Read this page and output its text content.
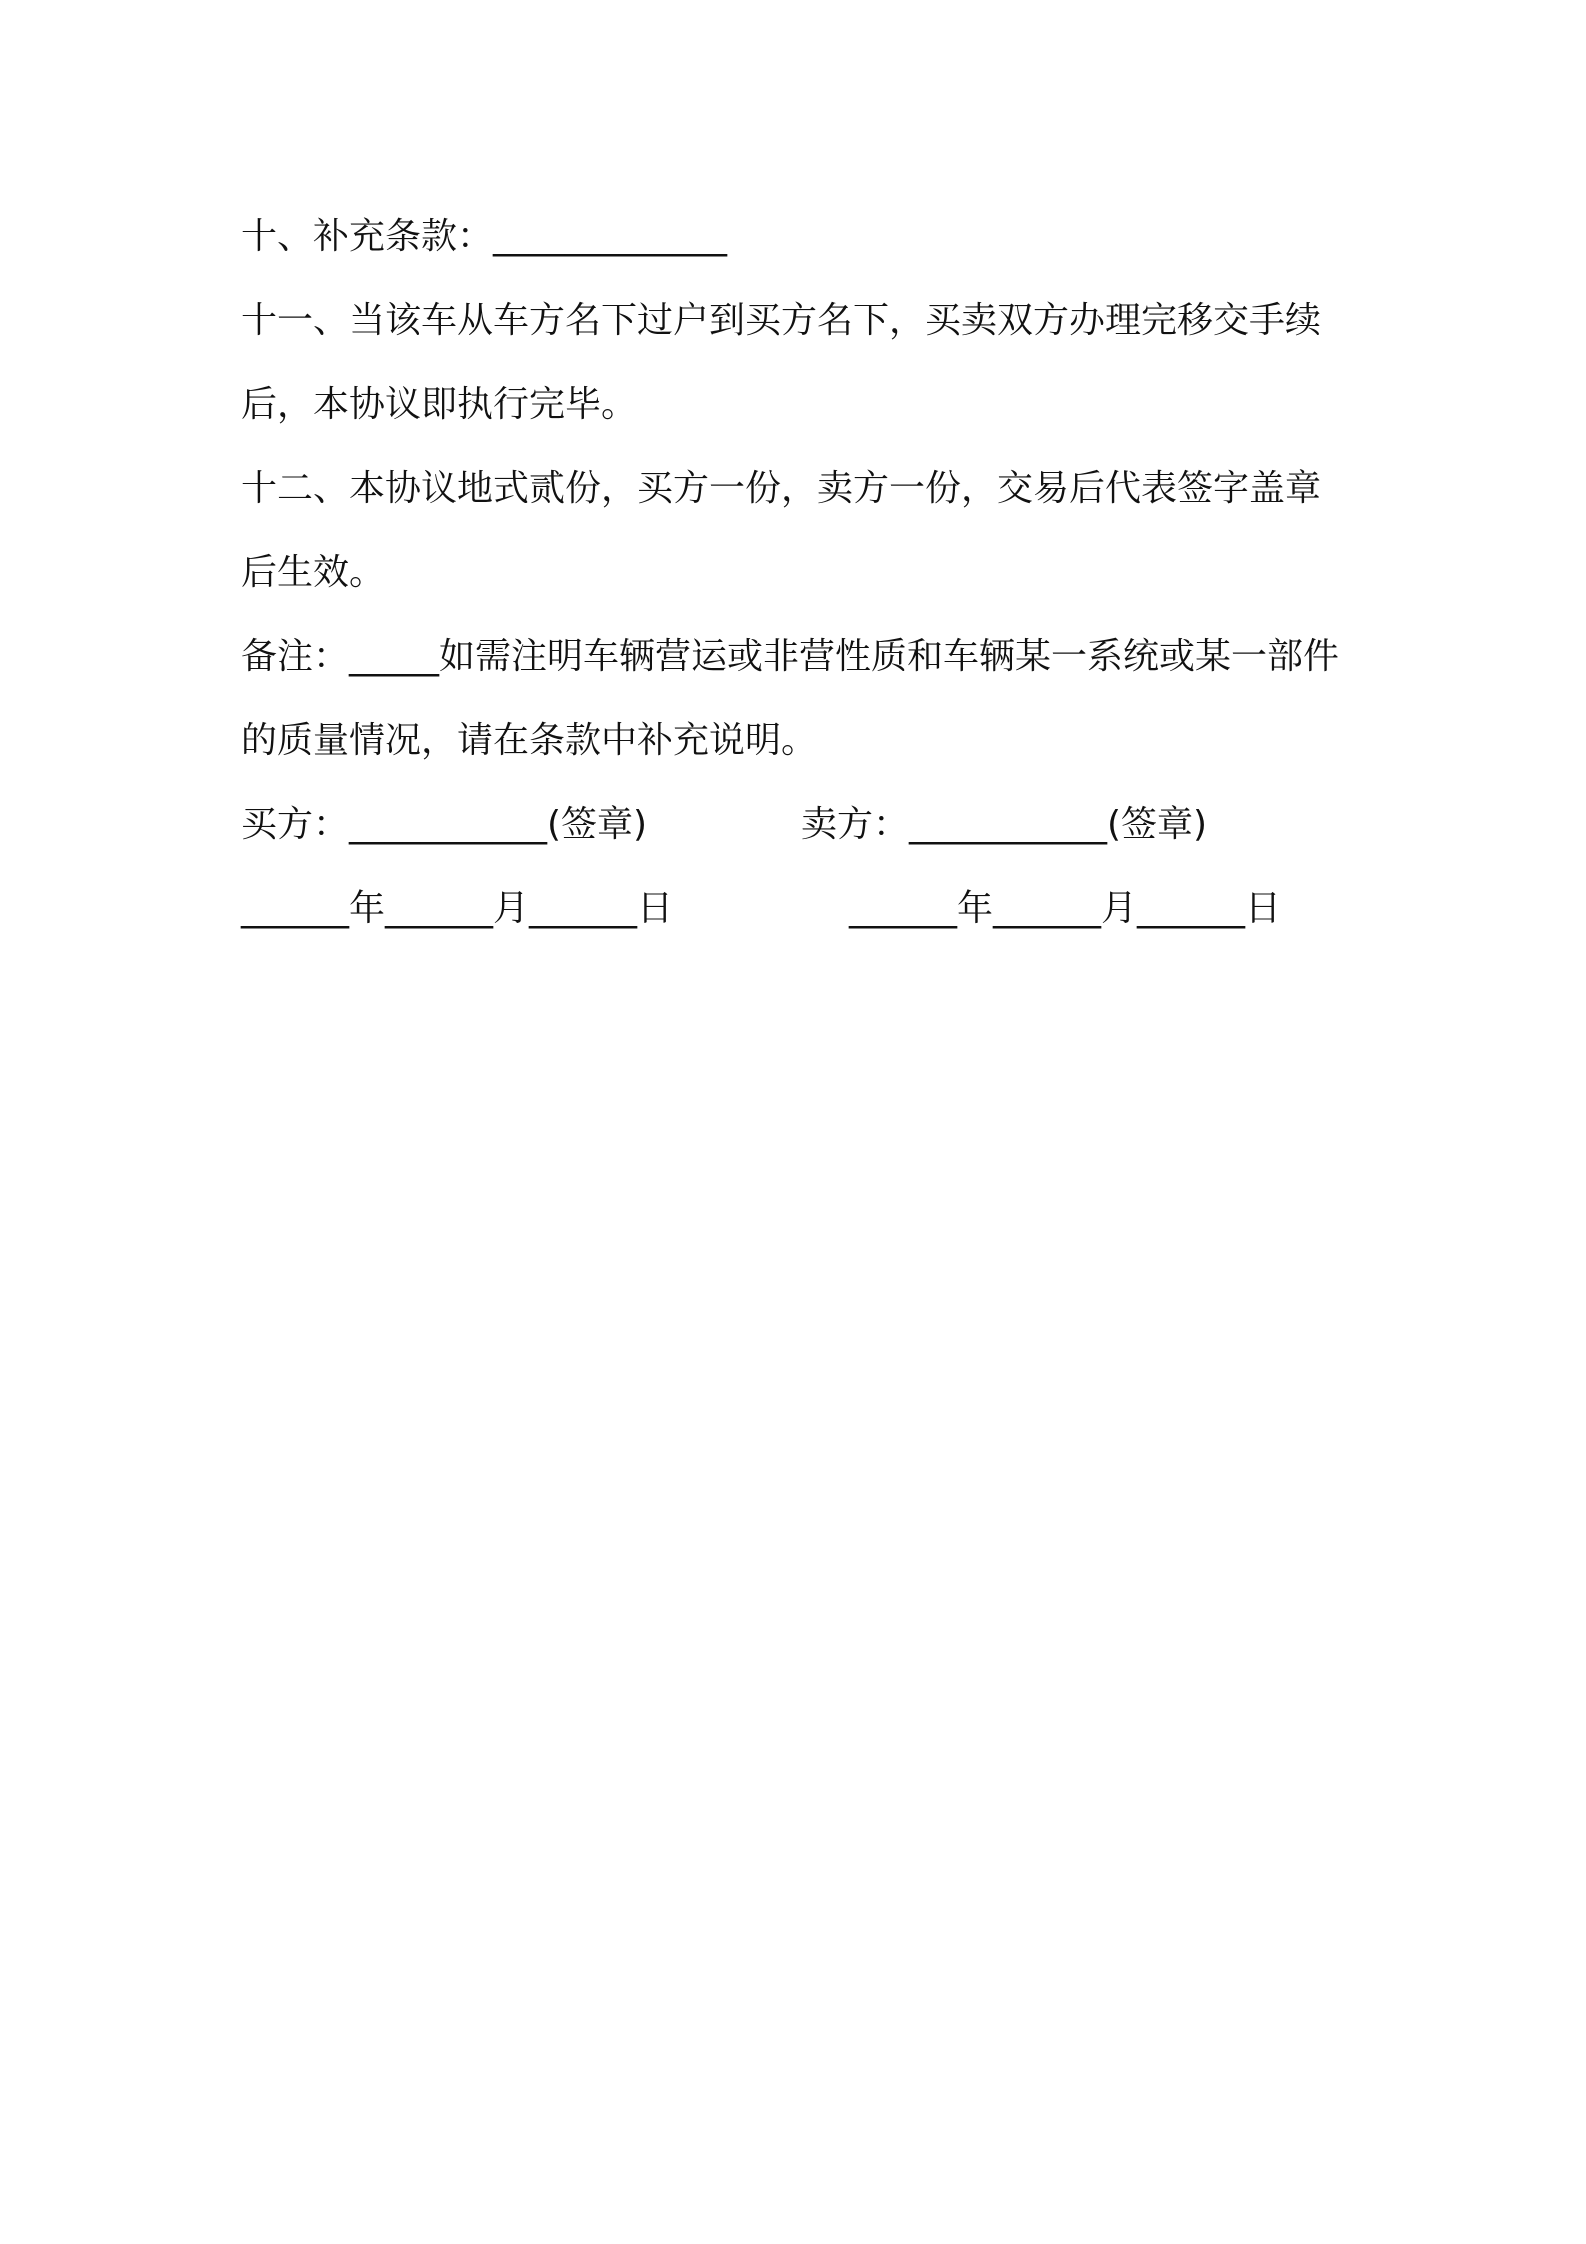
十、补充条款：_____________

十一、当该车从车方名下过户到买方名下，买卖双方办理完移交手续后，本协议即执行完毕。

十二、本协议地式贰份，买方一份，卖方一份，交易后代表签字盖章后生效。

备注：_____如需注明车辆营运或非营性质和车辆某一系统或某一部件的质量情况，请在条款中补充说明。

买方：___________(签章)	卖方：___________(签章)
______年______月______日	______年______月______日
